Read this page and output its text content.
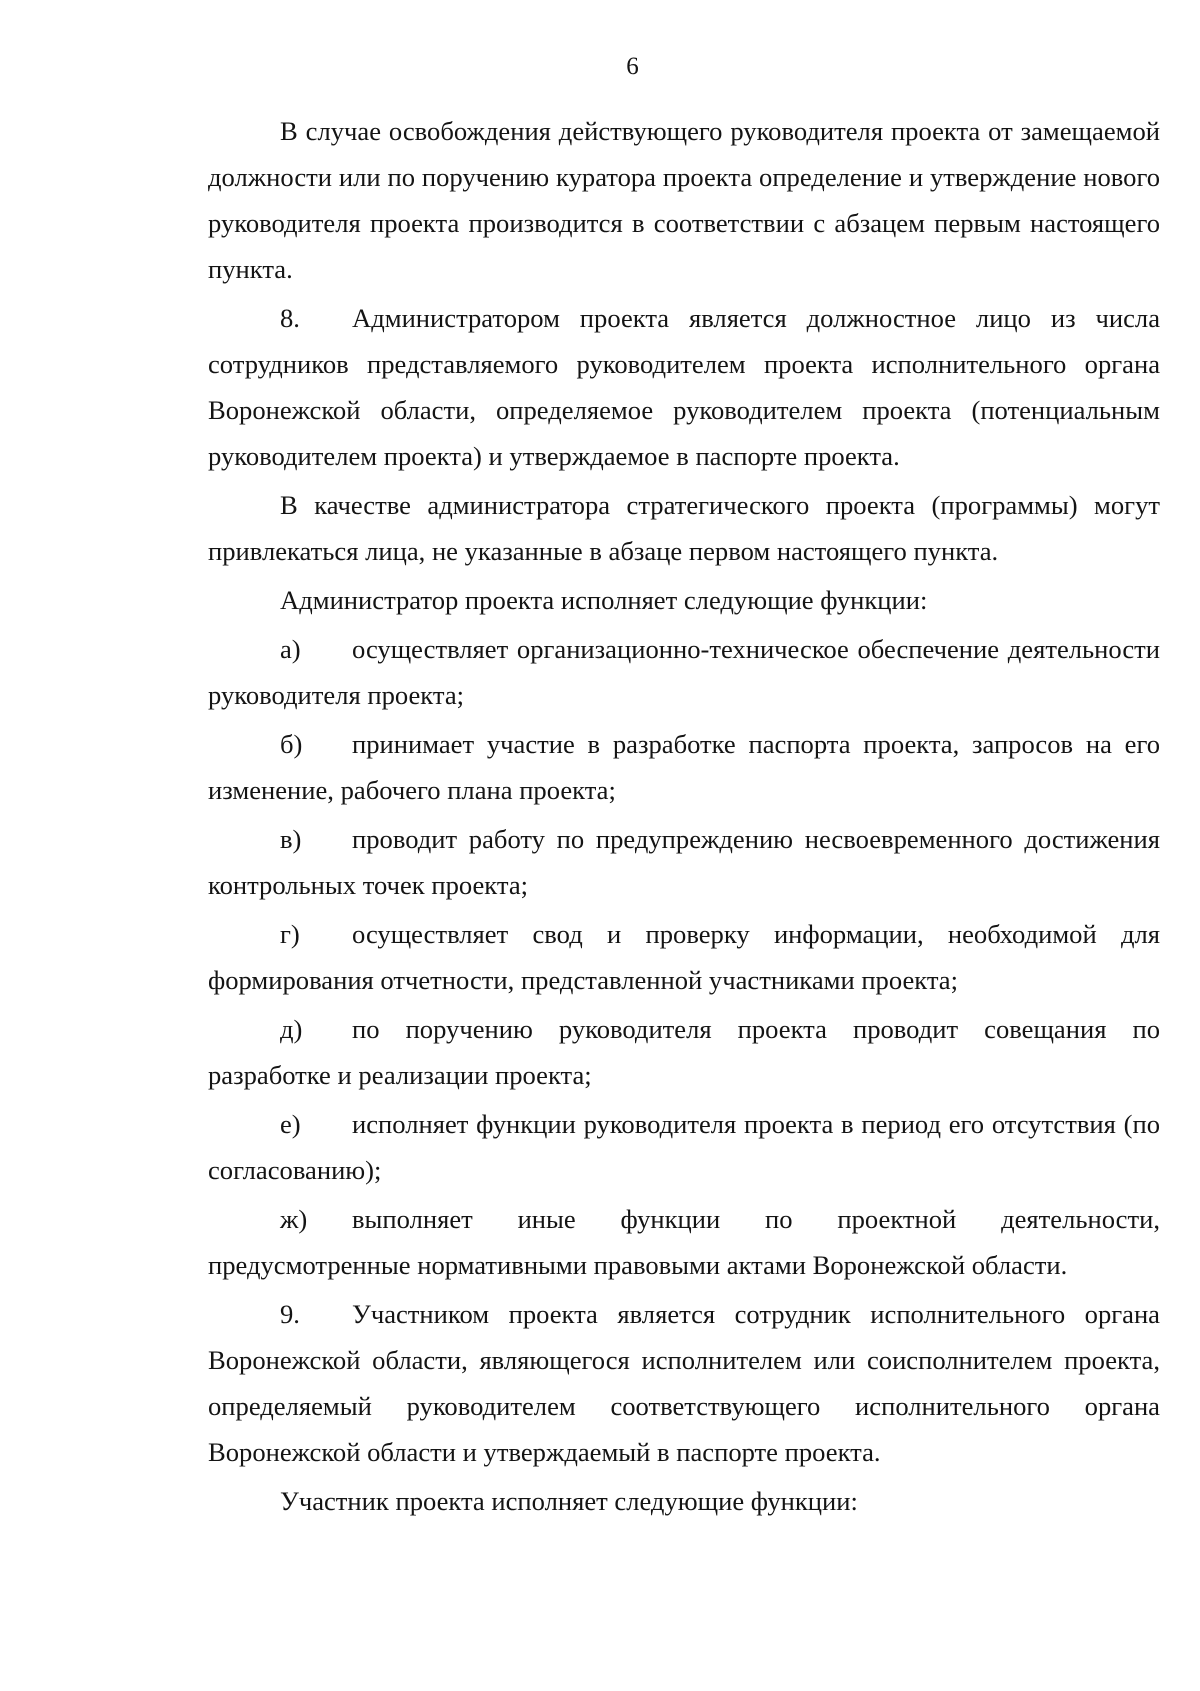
6

В случае освобождения действующего руководителя проекта от замещаемой должности или по поручению куратора проекта определение и утверждение нового руководителя проекта производится в соответствии с абзацем первым настоящего пункта.

8. Администратором проекта является должностное лицо из числа сотрудников представляемого руководителем проекта исполнительного органа Воронежской области, определяемое руководителем проекта (потенциальным руководителем проекта) и утверждаемое в паспорте проекта.

В качестве администратора стратегического проекта (программы) могут привлекаться лица, не указанные в абзаце первом настоящего пункта.

Администратор проекта исполняет следующие функции:

а) осуществляет организационно-техническое обеспечение деятельности руководителя проекта;

б) принимает участие в разработке паспорта проекта, запросов на его изменение, рабочего плана проекта;

в) проводит работу по предупреждению несвоевременного достижения контрольных точек проекта;

г) осуществляет свод и проверку информации, необходимой для формирования отчетности, представленной участниками проекта;

д) по поручению руководителя проекта проводит совещания по разработке и реализации проекта;

е) исполняет функции руководителя проекта в период его отсутствия (по согласованию);

ж) выполняет иные функции по проектной деятельности, предусмотренные нормативными правовыми актами Воронежской области.

9. Участником проекта является сотрудник исполнительного органа Воронежской области, являющегося исполнителем или соисполнителем проекта, определяемый руководителем соответствующего исполнительного органа Воронежской области и утверждаемый в паспорте проекта.

Участник проекта исполняет следующие функции:
